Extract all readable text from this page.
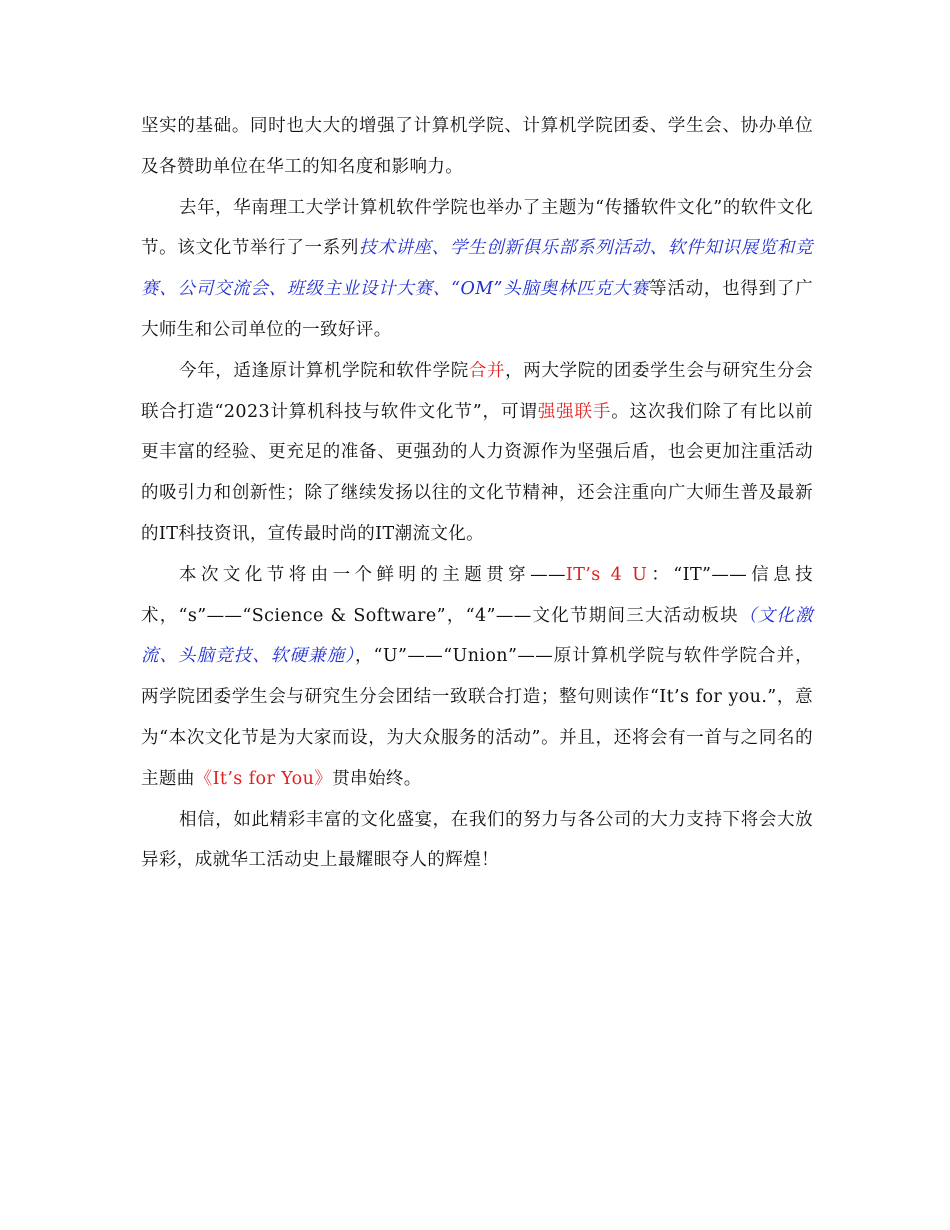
坚实的基础。同时也大大的增强了计算机学院、计算机学院团委、学生会、协办单位及各赞助单位在华工的知名度和影响力。

去年，华南理工大学计算机软件学院也举办了主题为“传播软件文化”的软件文化节。该文化节举行了一系列技术讲座、学生创新俱乐部系列活动、软件知识展览和竞赛、公司交流会、班级主业设计大赛、“OM”头脑奥林匹克大赛等活动，也得到了广大师生和公司单位的一致好评。

今年，适逢原计算机学院和软件学院合并，两大学院的团委学生会与研究生分会联合打造“2023计算机科技与软件文化节”，可谓强强联手。这次我们除了有比以前更丰富的经验、更充足的准备、更强劲的人力资源作为坚强后盾，也会更加注重活动的吸引力和创新性；除了继续发扬以往的文化节精神，还会注重向广大师生普及最新的IT科技资讯，宣传最时尚的IT潮流文化。

本次文化节将由一个鲜明的主题贯穿——IT’s 4 U：“IT”——信息技术，“s”——“Science & Software”，“4”——文化节期间三大活动板块（文化激流、头脑竞技、软硬兼施），“U”——“Union”——原计算机学院与软件学院合并，两学院团委学生会与研究生分会团结一致联合打造；整句则读作“It’s for you.”，意为“本次文化节是为大家而设，为大众服务的活动”。并且，还将会有一首与之同名的主题曲《It’s for You》贯串始终。

相信，如此精彩丰富的文化盛宴，在我们的努力与各公司的大力支持下将会大放异彩，成就华工活动史上最耀眼夺人的辉煌！
